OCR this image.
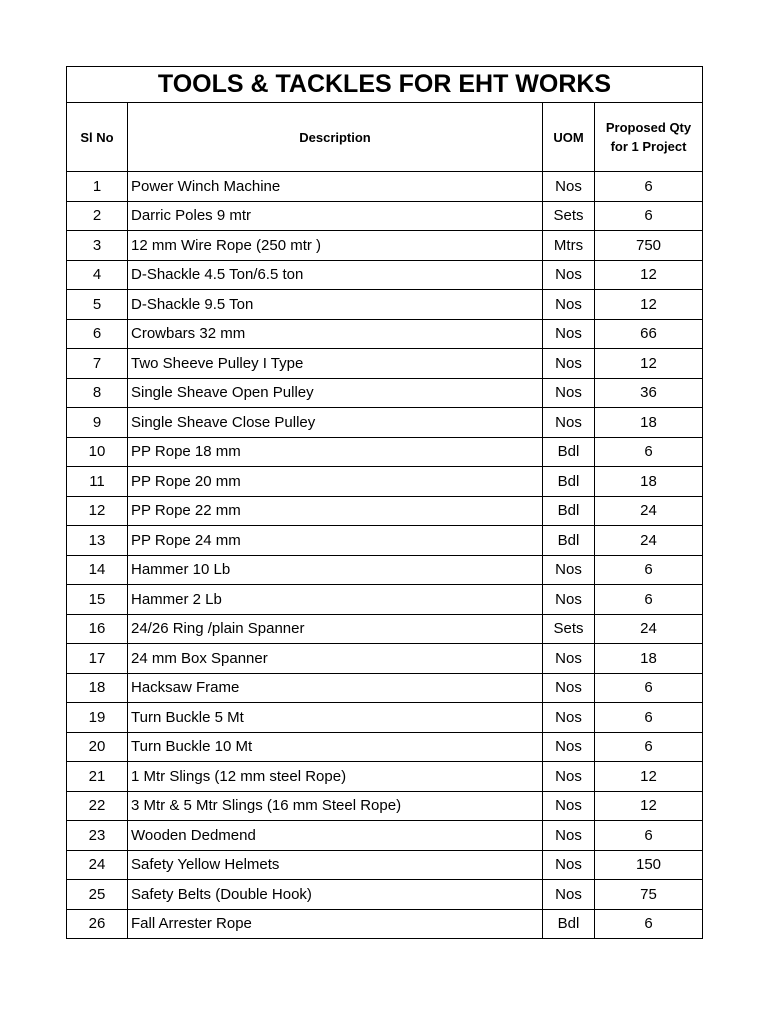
TOOLS & TACKLES FOR EHT WORKS			
Sl No	Description	UOM	Proposed Qty
for 1 Project

1	Power Winch Machine	Nos	6
2	Darric Poles 9 mtr	Sets	6
3	12 mm Wire Rope (250 mtr )	Mtrs	750
4	D-Shackle 4.5 Ton/6.5 ton	Nos	12
5	D-Shackle 9.5 Ton	Nos	12
6	Crowbars 32 mm	Nos	66
7	Two Sheeve Pulley I Type	Nos	12
8	Single Sheave Open Pulley	Nos	36
9	Single Sheave Close Pulley	Nos	18
10	PP Rope 18 mm	Bdl	6
11	PP Rope 20 mm	Bdl	18
12	PP Rope 22 mm	Bdl	24
13	PP Rope 24 mm	Bdl	24
14	Hammer 10 Lb	Nos	6
15	Hammer 2 Lb	Nos	6
16	24/26 Ring /plain Spanner	Sets	24
17	24 mm Box Spanner	Nos	18
18	Hacksaw Frame	Nos	6
19	Turn Buckle 5 Mt	Nos	6
20	Turn Buckle 10 Mt	Nos	6
21	1 Mtr Slings (12 mm steel Rope)	Nos	12
22	3 Mtr & 5 Mtr Slings (16 mm Steel Rope)	Nos	12
23	Wooden Dedmend	Nos	6
24	Safety Yellow Helmets	Nos	150
25	Safety Belts (Double Hook)	Nos	75
26	Fall Arrester Rope	Bdl	6
